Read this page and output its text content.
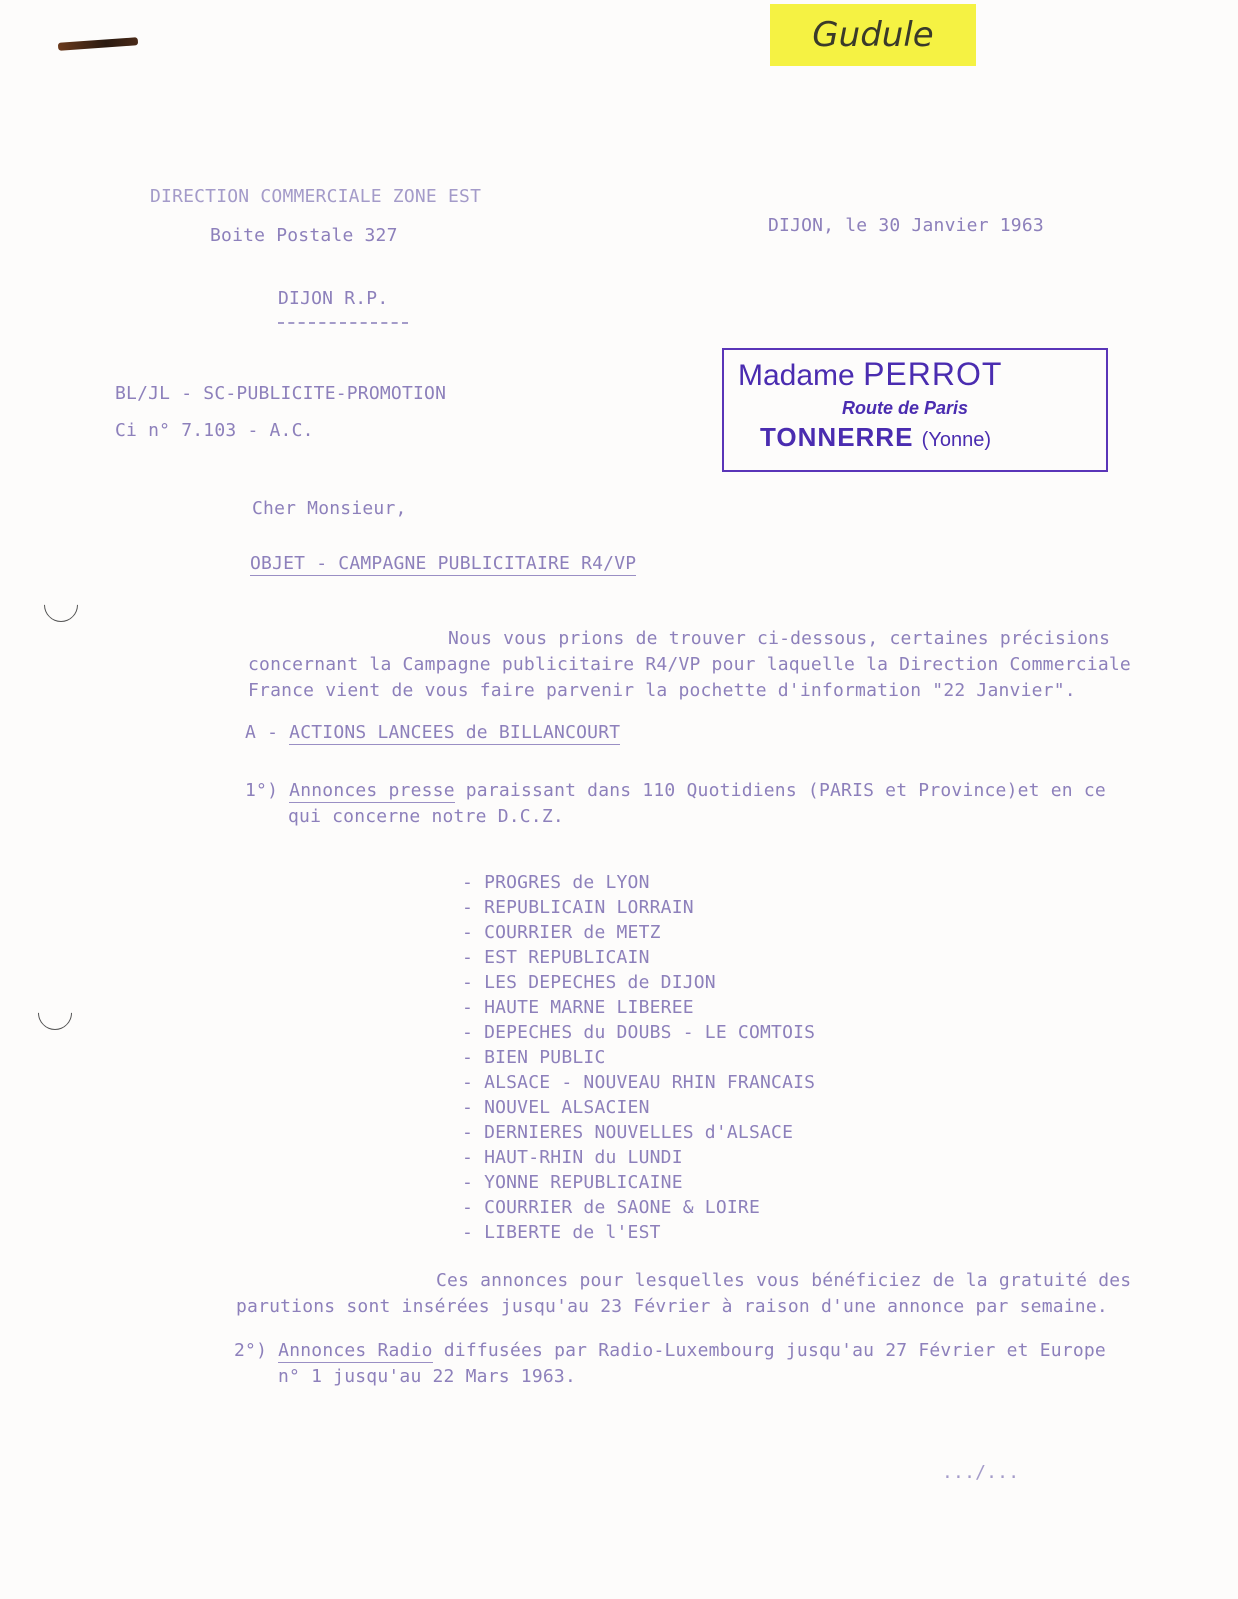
Gudule
DIRECTION COMMERCIALE ZONE EST
Boite Postale 327
DIJON R.P.
DIJON, le 30 Janvier 1963
BL/JL - SC-PUBLICITE-PROMOTION
Ci n° 7.103 - A.C.
Madame PERROT
Route de Paris
TONNERRE (Yonne)
Cher Monsieur,
OBJET - CAMPAGNE PUBLICITAIRE R4/VP
Nous vous prions de trouver ci-dessous, certaines précisions
concernant la Campagne publicitaire R4/VP pour laquelle la Direction Commerciale
France vient de vous faire parvenir la pochette d'information "22 Janvier".
A - ACTIONS LANCEES de BILLANCOURT
1°) Annonces presse paraissant dans 110 Quotidiens (PARIS et Province)et en ce
qui concerne notre D.C.Z.
- PROGRES de LYON
- REPUBLICAIN LORRAIN
- COURRIER de METZ
- EST REPUBLICAIN
- LES DEPECHES de DIJON
- HAUTE MARNE LIBEREE
- DEPECHES du DOUBS - LE COMTOIS
- BIEN PUBLIC
- ALSACE - NOUVEAU RHIN FRANCAIS
- NOUVEL ALSACIEN
- DERNIERES NOUVELLES d'ALSACE
- HAUT-RHIN du LUNDI
- YONNE REPUBLICAINE
- COURRIER de SAONE & LOIRE
- LIBERTE de l'EST
Ces annonces pour lesquelles vous bénéficiez de la gratuité des
parutions sont insérées jusqu'au 23 Février à raison d'une annonce par semaine.
2°) Annonces Radio diffusées par Radio-Luxembourg jusqu'au 27 Février et Europe
n° 1 jusqu'au 22 Mars 1963.
.../...
